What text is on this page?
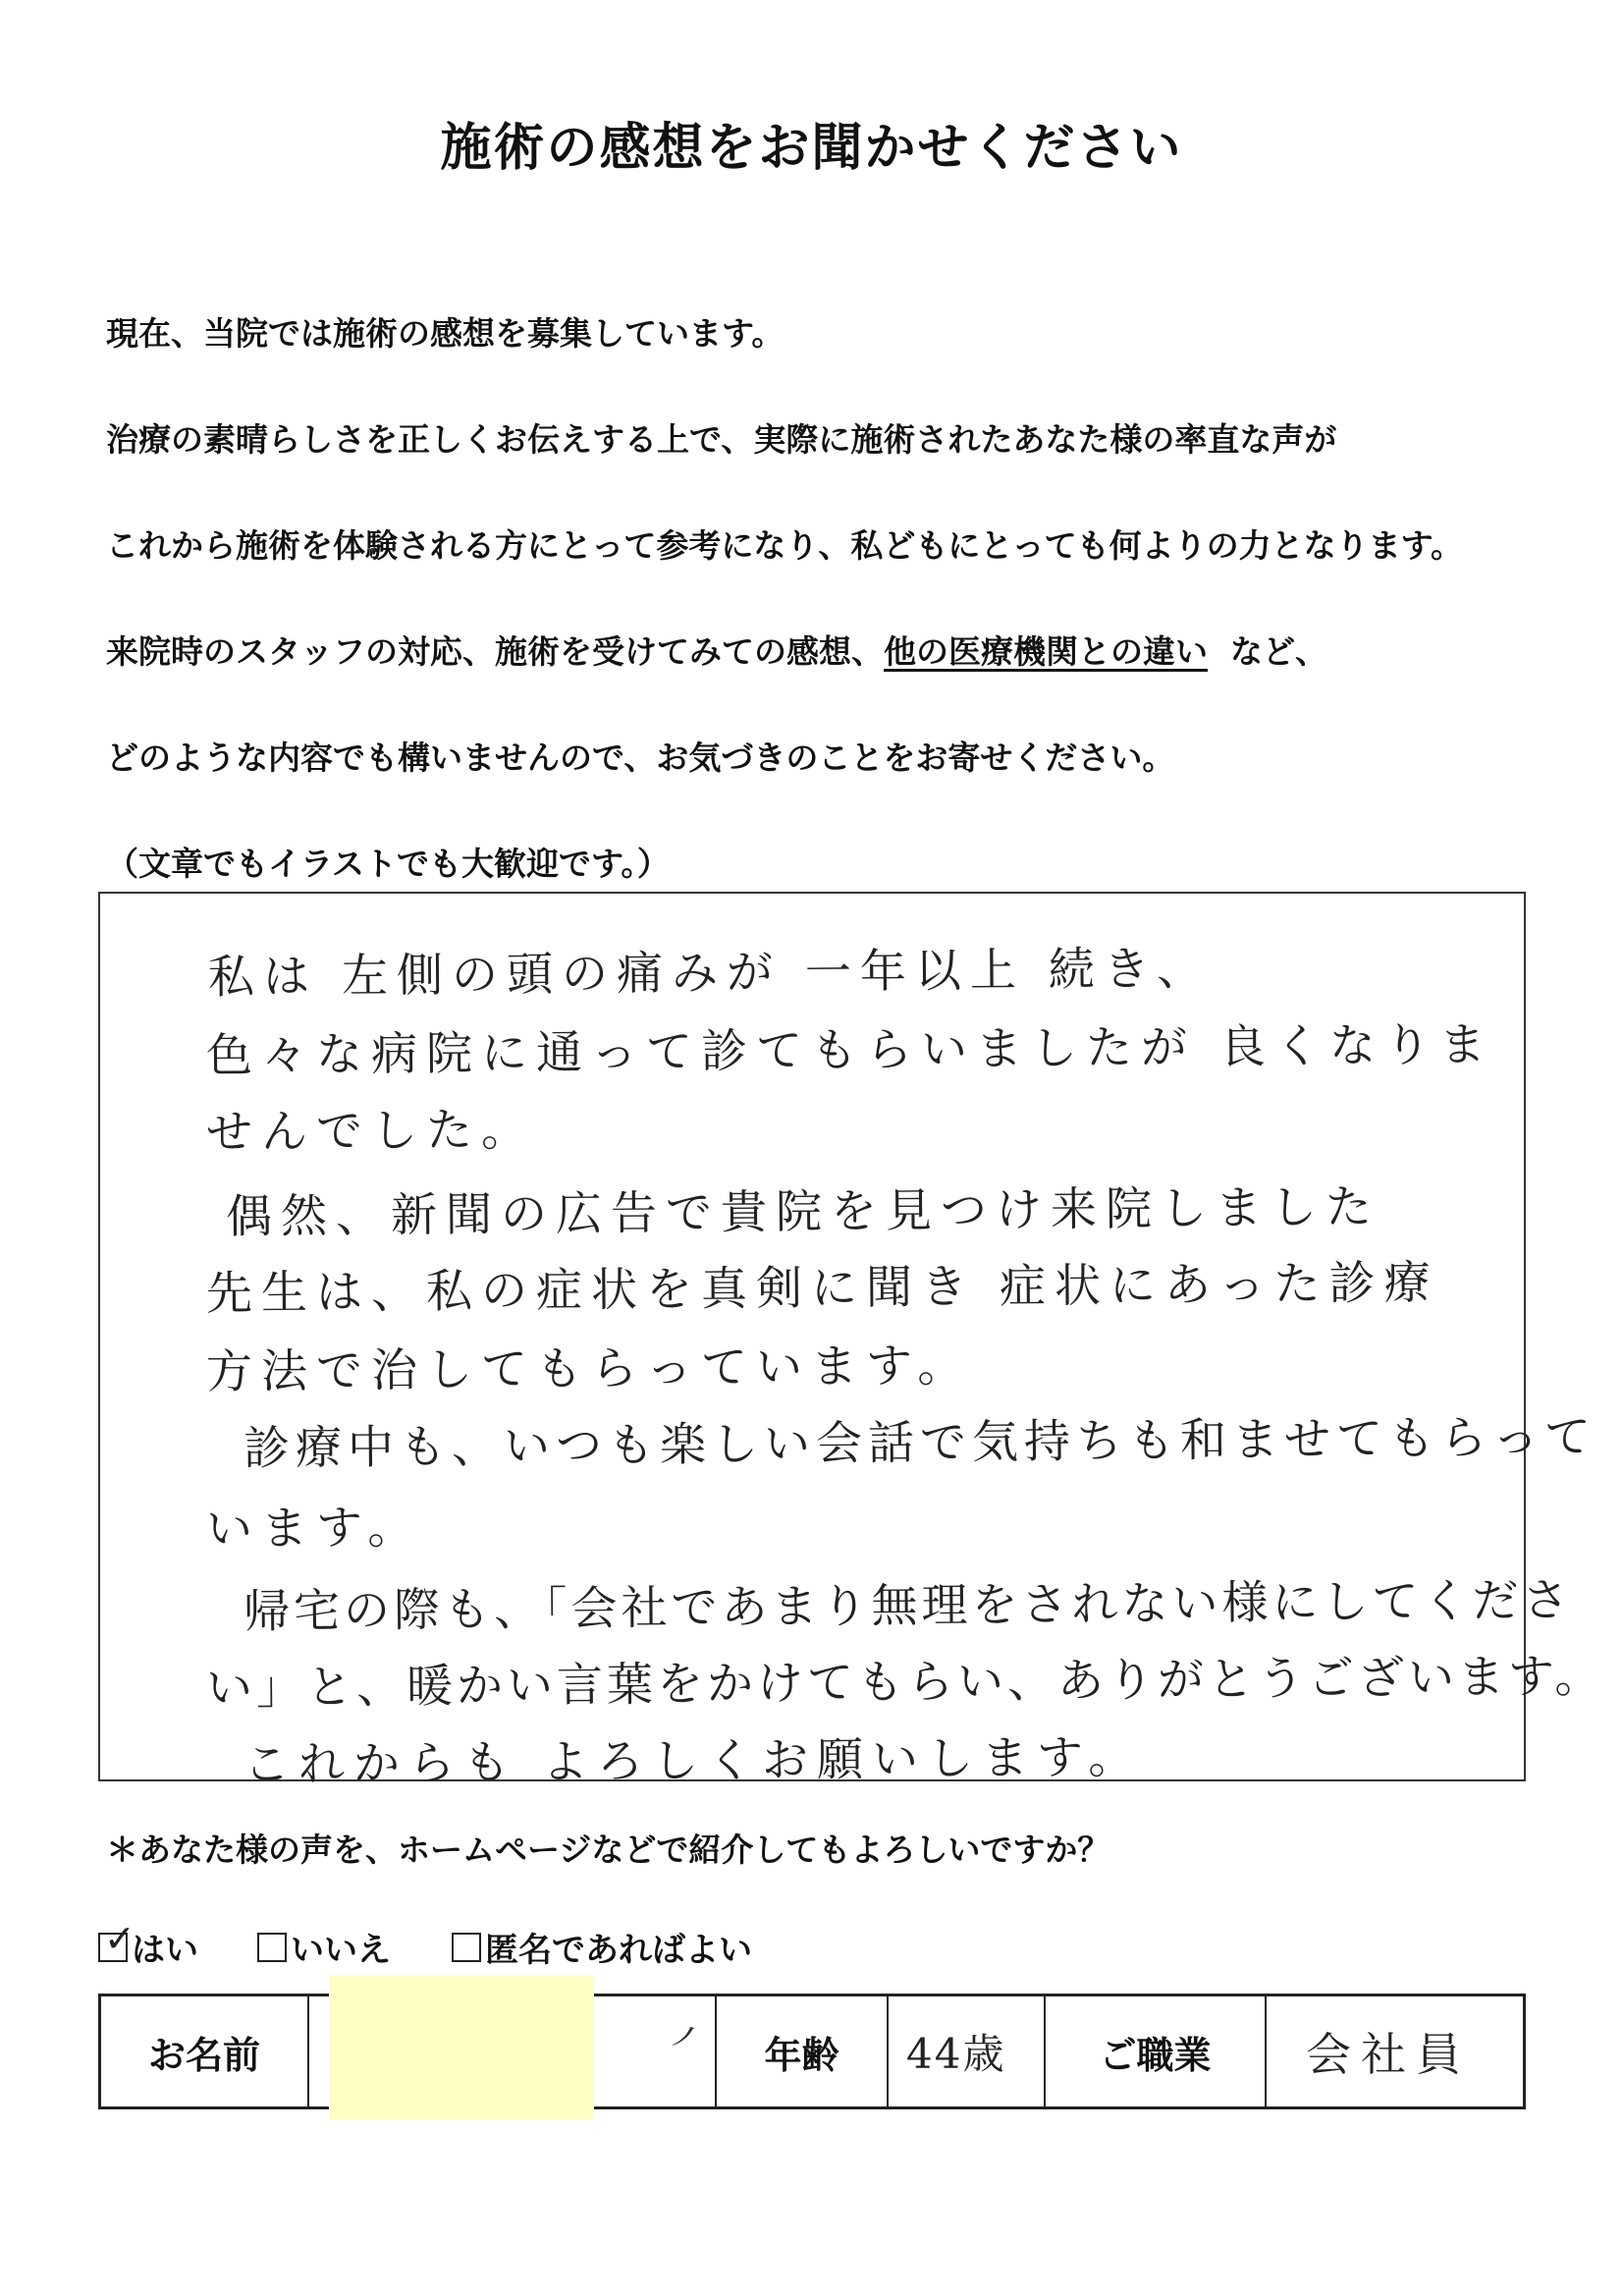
施術の感想をお聞かせください
現在、当院では施術の感想を募集しています。
治療の素晴らしさを正しくお伝えする上で、実際に施術されたあなた様の率直な声が
これから施術を体験される方にとって参考になり、私どもにとっても何よりの力となります。
来院時のスタッフの対応、施術を受けてみての感想、他の医療機関との違い など、
どのような内容でも構いませんので、お気づきのことをお寄せください。
（文章でもイラストでも大歓迎です。）
私は 左側の頭の痛みが 一年以上 続き、
色々な病院に通って診てもらいましたが 良くなりま
せんでした。
偶然、新聞の広告で貴院を見つけ来院しました
先生は、私の症状を真剣に聞き 症状にあった診療
方法で治してもらっています。
診療中も、いつも楽しい会話で気持ちも和ませてもらって
います。
帰宅の際も、「会社であまり無理をされない様にしてくださ
い」と、暖かい言葉をかけてもらい、ありがとうございます。
これからも よろしくお願いします。
＊あなた様の声を、ホームページなどで紹介してもよろしいですか？
✓
はい	いいえ	匿名であればよい
お名前	㇒	年齢	44歳	ご職業	会社員
